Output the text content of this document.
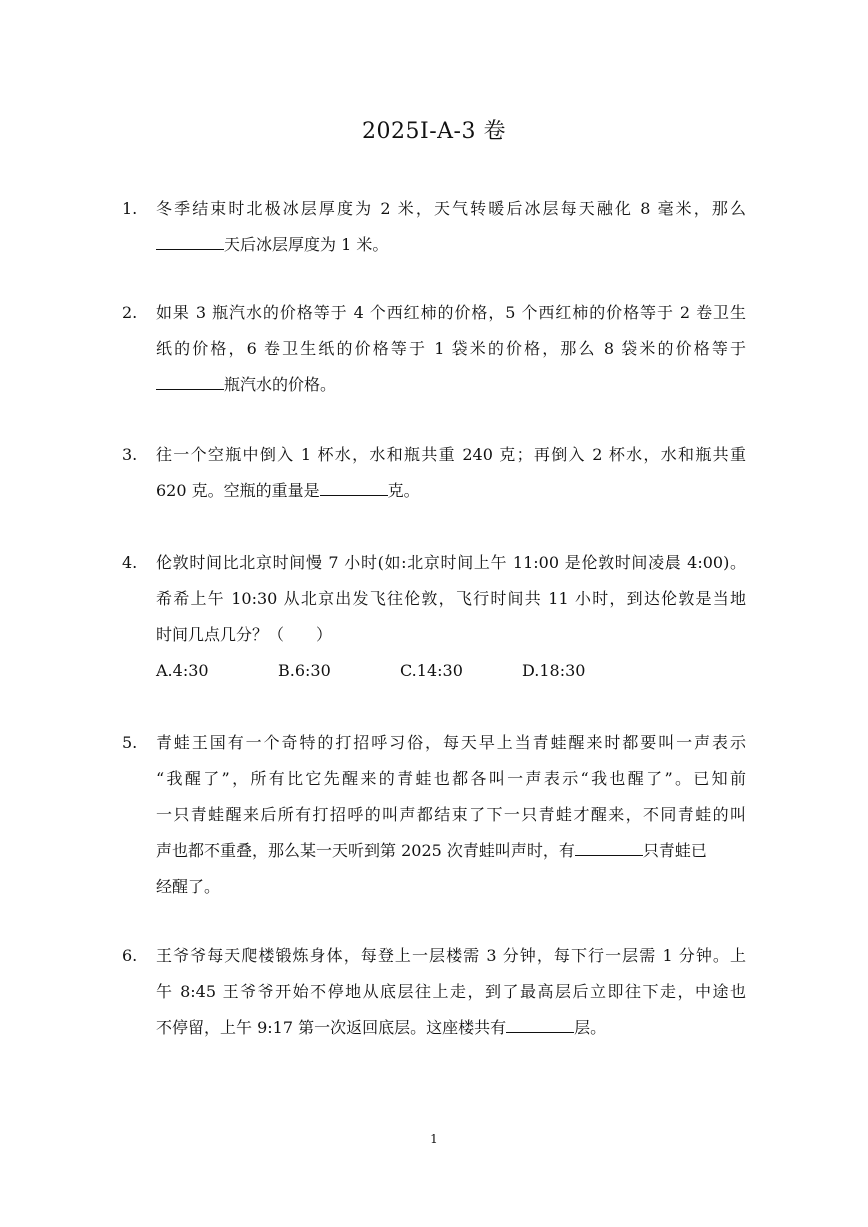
2025I-A-3 卷
1. 冬季结束时北极冰层厚度为 2 米，天气转暖后冰层每天融化 8 毫米，那么
天后冰层厚度为 1 米。
2. 如果 3 瓶汽水的价格等于 4 个西红柿的价格，5 个西红柿的价格等于 2 卷卫生
纸的价格，6 卷卫生纸的价格等于 1 袋米的价格，那么 8 袋米的价格等于
瓶汽水的价格。
3. 往一个空瓶中倒入 1 杯水，水和瓶共重 240 克；再倒入 2 杯水，水和瓶共重
620 克。空瓶的重量是	克。
4. 伦敦时间比北京时间慢 7 小时(如:北京时间上午 11:00 是伦敦时间凌晨 4:00)。
希希上午 10:30 从北京出发飞往伦敦，飞行时间共 11 小时，到达伦敦是当地
时间几点几分？（　　）
A.4:30	B.6:30	C.14:30	D.18:30
5. 青蛙王国有一个奇特的打招呼习俗，每天早上当青蛙醒来时都要叫一声表示
“我醒了”，所有比它先醒来的青蛙也都各叫一声表示“我也醒了”。已知前
一只青蛙醒来后所有打招呼的叫声都结束了下一只青蛙才醒来，不同青蛙的叫
声也都不重叠，那么某一天听到第 2025 次青蛙叫声时，有	只青蛙已
经醒了。
6. 王爷爷每天爬楼锻炼身体，每登上一层楼需 3 分钟，每下行一层需 1 分钟。上
午 8:45 王爷爷开始不停地从底层往上走，到了最高层后立即往下走，中途也
不停留，上午 9:17 第一次返回底层。这座楼共有	层。
1
